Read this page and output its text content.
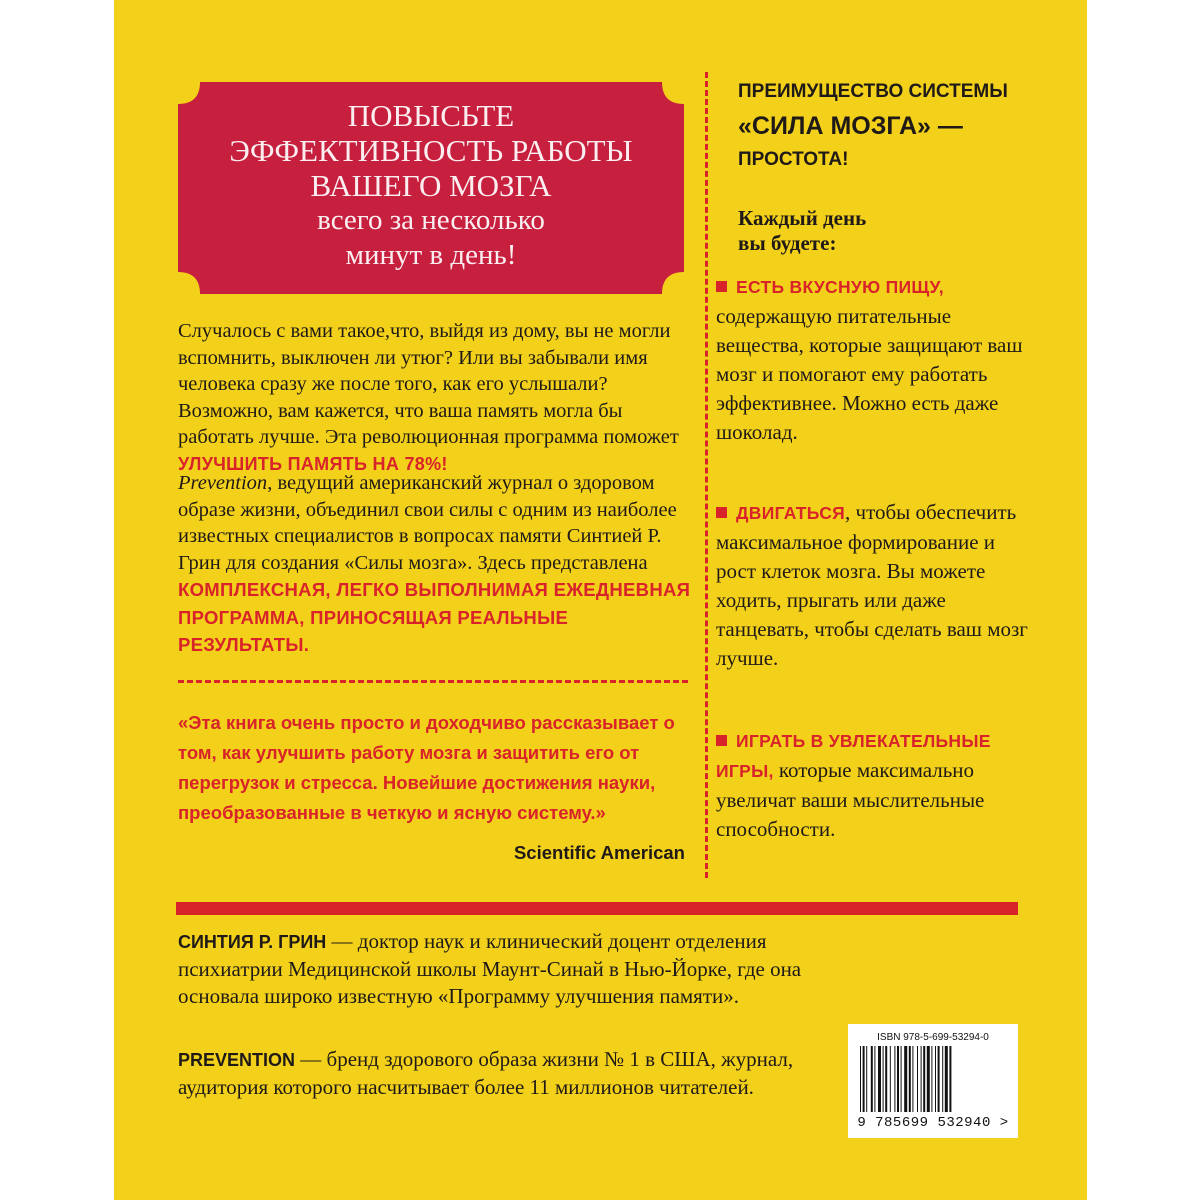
ПОВЫСЬТЕ
ЭФФЕКТИВНОСТЬ РАБОТЫ
ВАШЕГО МОЗГА
всего за несколько
минут в день!
Случалось с вами такое,что, выйдя из дому, вы не могли вспомнить, выключен ли утюг? Или вы забывали имя человека сразу же после того, как его услышали? Возможно, вам кажется, что ваша память могла бы работать лучше. Эта революционная программа поможет УЛУЧШИТЬ ПАМЯТЬ НА 78%!
Prevention, ведущий американский журнал о здоровом образе жизни, объединил свои силы с одним из наиболее известных специалистов в вопросах памяти Синтией Р. Грин для создания «Силы мозга». Здесь представлена КОМПЛЕКСНАЯ, ЛЕГКО ВЫПОЛНИМАЯ ЕЖЕДНЕВНАЯ ПРОГРАММА, ПРИНОСЯЩАЯ РЕАЛЬНЫЕ РЕЗУЛЬТАТЫ.
«Эта книга очень просто и доходчиво рассказывает о том, как улучшить работу мозга и защитить его от перегрузок и стресса. Новейшие достижения науки, преобразованные в четкую и ясную систему.»
Scientific American
ПРЕИМУЩЕСТВО СИСТЕМЫ
«СИЛА МОЗГА» —
ПРОСТОТА!
Каждый день
вы будете:
ЕСТЬ ВКУСНУЮ ПИЩУ, содержащую питательные вещества, которые защищают ваш мозг и помогают ему работать эффективнее. Можно есть даже шоколад.
ДВИГАТЬСЯ, чтобы обеспечить максимальное формирование и рост клеток мозга. Вы можете ходить, прыгать или даже танцевать, чтобы сделать ваш мозг лучше.
ИГРАТЬ В УВЛЕКАТЕЛЬНЫЕ ИГРЫ, которые максимально увеличат ваши мыслительные способности.
СИНТИЯ Р. ГРИН — доктор наук и клинический доцент отделения психиатрии Медицинской школы Маунт-Синай в Нью-Йорке, где она основала широко известную «Программу улучшения памяти».
PREVENTION — бренд здорового образа жизни № 1 в США, журнал, аудитория которого насчитывает более 11 миллионов читателей.
ISBN 978-5-699-53294-0
9 785699 532940 >
